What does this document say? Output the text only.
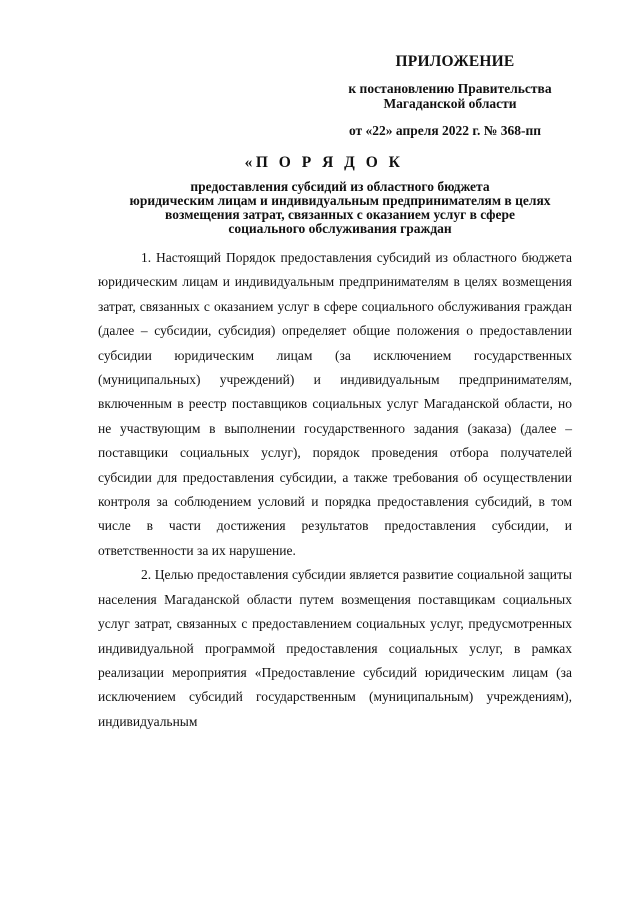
ПРИЛОЖЕНИЕ
к постановлению Правительства
Магаданской области
от «22» апреля 2022 г. № 368-пп
«П О Р Я Д О К
предоставления субсидий из областного бюджета
юридическим лицам и индивидуальным предпринимателям в целях
возмещения затрат, связанных с оказанием услуг в сфере
социального обслуживания граждан

1. Настоящий Порядок предоставления субсидий из областного бюджета юридическим лицам и индивидуальным предпринимателям в целях возмещения затрат, связанных с оказанием услуг в сфере социального обслуживания граждан (далее – субсидии, субсидия) определяет общие положения о предоставлении субсидии юридическим лицам (за исключением государственных (муниципальных) учреждений) и индивидуальным предпринимателям, включенным в реестр поставщиков социальных услуг Магаданской области, но не участвующим в выполнении государственного задания (заказа) (далее – поставщики социальных услуг), порядок проведения отбора получателей субсидии для предоставления субсидии, а также требования об осуществлении контроля за соблюдением условий и порядка предоставления субсидий, в том числе в части достижения результатов предоставления субсидии, и ответственности за их нарушение.

2. Целью предоставления субсидии является развитие социальной защиты населения Магаданской области путем возмещения поставщикам социальных услуг затрат, связанных с предоставлением социальных услуг, предусмотренных индивидуальной программой предоставления социальных услуг, в рамках реализации мероприятия «Предоставление субсидий юридическим лицам (за исключением субсидий государственным (муниципальным) учреждениям), индивидуальным
